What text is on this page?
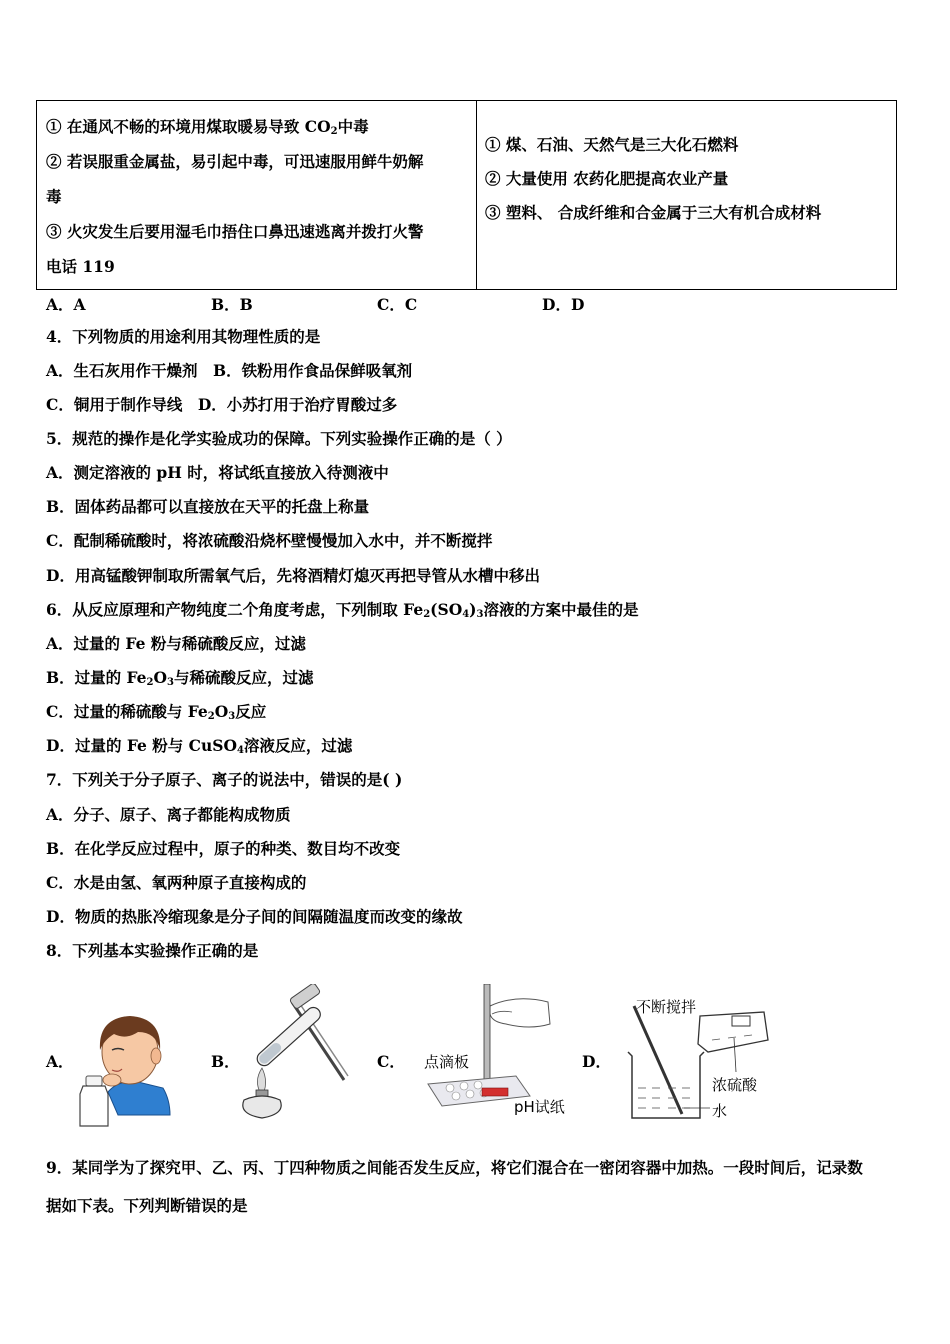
① 在通风不畅的环境用煤取暖易导致 $CO_2$中毒
② 若误服重金属盐，易引起中毒，可迅速服用鲜牛奶解
毒
③ 火灾发生后要用湿毛巾捂住口鼻迅速逃离并拨打火警
电话 119

① 煤、石油、天然气是三大化石燃料
② 大量使用 农药化肥提高农业产量
③ 塑料、 合成纤维和合金属于三大有机合成材料
A．A	B．B	C．C	D．D
4．下列物质的用途利用其物理性质的是
A．生石灰用作干燥剂　B．铁粉用作食品保鲜吸氧剂
C．铜用于制作导线　D．小苏打用于治疗胃酸过多
5．规范的操作是化学实验成功的保障。下列实验操作正确的是（ ）
A．测定溶液的 pH 时，将试纸直接放入待测液中
B．固体药品都可以直接放在天平的托盘上称量
C．配制稀硫酸时，将浓硫酸沿烧杯壁慢慢加入水中，并不断搅拌
D．用高锰酸钾制取所需氧气后，先将酒精灯熄灭再把导管从水槽中移出
6．从反应原理和产物纯度二个角度考虑，下列制取 $Fe_2(SO_4)_3$溶液的方案中最佳的是
A．过量的 Fe 粉与稀硫酸反应，过滤
B．过量的 $Fe_2O_3$与稀硫酸反应，过滤
C．过量的稀硫酸与 $Fe_2O_3$反应
D．过量的 Fe 粉与 CuSO$_4$溶液反应，过滤
7．下列关于分子原子、离子的说法中，错误的是( )
A．分子、原子、离子都能构成物质
B．在化学反应过程中，原子的种类、数目均不改变
C．水是由氢、氧两种原子直接构成的
D．物质的热胀冷缩现象是分子间的间隔随温度而改变的缘故
8．下列基本实验操作正确的是
A．	B．	C．	D．
点滴板
pH试纸
不断搅拌
浓硫酸
水
9．某同学为了探究甲、乙、丙、丁四种物质之间能否发生反应，将它们混合在一密闭容器中加热。一段时间后，记录数
据如下表。下列判断错误的是
